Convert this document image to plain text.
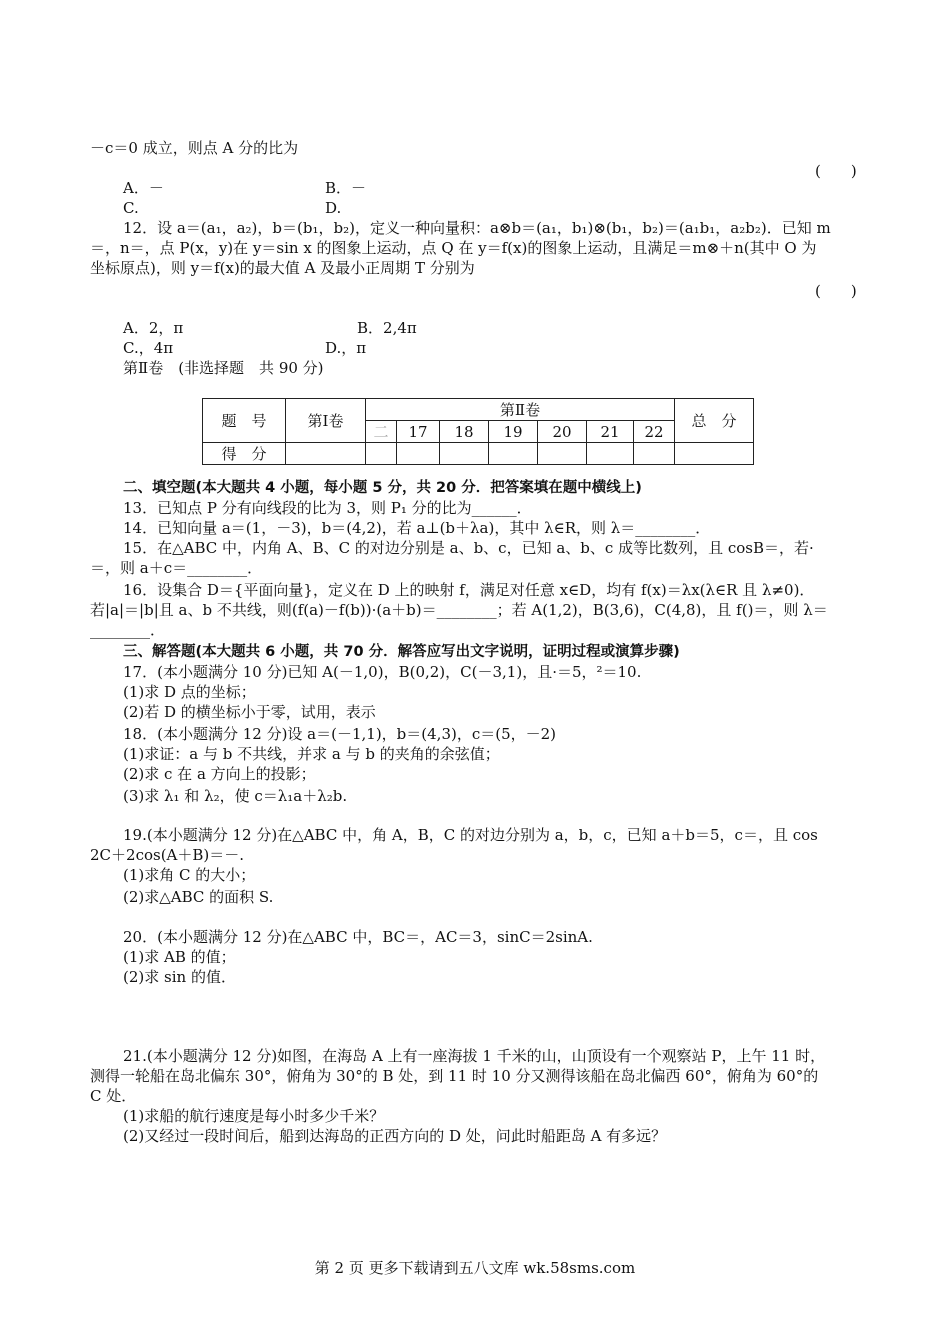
－c＝0 成立，则点 A 分的比为
(　　)
A．－	B．－
C.	D.
12．设 a＝(a₁，a₂)，b＝(b₁，b₂)，定义一种向量积：a⊗b＝(a₁，b₁)⊗(b₁，b₂)＝(a₁b₁，a₂b₂)．已知 m
＝，n＝，点 P(x，y)在 y＝sin x 的图象上运动，点 Q 在 y＝f(x)的图象上运动，且满足＝m⊗＋n(其中 O 为
坐标原点)，则 y＝f(x)的最大值 A 及最小正周期 T 分别为
(　　)
A．2，π	B．2,4π
C.，4π	D.，π
第Ⅱ卷　(非选择题　共 90 分)
题　号	第Ⅰ卷	第Ⅱ卷							总　分
		二	17	18	19	20	21	22	
得　分									
二、填空题(本大题共 4 小题，每小题 5 分，共 20 分．把答案填在题中横线上)
13．已知点 P 分有向线段的比为 3，则 P₁ 分的比为______．
14．已知向量 a＝(1，－3)，b＝(4,2)，若 a⊥(b＋λa)，其中 λ∈R，则 λ＝________．
15．在△ABC 中，内角 A、B、C 的对边分别是 a、b、c，已知 a、b、c 成等比数列，且 cosB＝，若·
＝，则 a＋c＝________．
16．设集合 D＝{平面向量}，定义在 D 上的映射 f，满足对任意 x∈D，均有 f(x)＝λx(λ∈R 且 λ≠0)．
若|a|＝|b|且 a、b 不共线，则(f(a)－f(b))·(a＋b)＝________；若 A(1,2)，B(3,6)，C(4,8)，且 f()＝，则 λ＝
________．
三、解答题(本大题共 6 小题，共 70 分．解答应写出文字说明，证明过程或演算步骤)
17．(本小题满分 10 分)已知 A(－1,0)，B(0,2)，C(－3,1)，且·＝5，²＝10.
(1)求 D 点的坐标；
(2)若 D 的横坐标小于零，试用，表示
18．(本小题满分 12 分)设 a＝(－1,1)，b＝(4,3)，c＝(5，－2)
(1)求证：a 与 b 不共线，并求 a 与 b 的夹角的余弦值；
(2)求 c 在 a 方向上的投影；
(3)求 λ₁ 和 λ₂，使 c＝λ₁a＋λ₂b.
19.(本小题满分 12 分)在△ABC 中，角 A，B，C 的对边分别为 a，b，c，已知 a＋b＝5，c＝，且 cos
2C＋2cos(A＋B)＝－.
(1)求角 C 的大小；
(2)求△ABC 的面积 S.
20．(本小题满分 12 分)在△ABC 中，BC＝，AC＝3，sinC＝2sinA.
(1)求 AB 的值；
(2)求 sin 的值．
21.(本小题满分 12 分)如图，在海岛 A 上有一座海拔 1 千米的山，山顶设有一个观察站 P，上午 11 时，
测得一轮船在岛北偏东 30°，俯角为 30°的 B 处，到 11 时 10 分又测得该船在岛北偏西 60°，俯角为 60°的
C 处．
(1)求船的航行速度是每小时多少千米？
(2)又经过一段时间后，船到达海岛的正西方向的 D 处，问此时船距岛 A 有多远？
第 2 页 更多下载请到五八文库 wk.58sms.com
